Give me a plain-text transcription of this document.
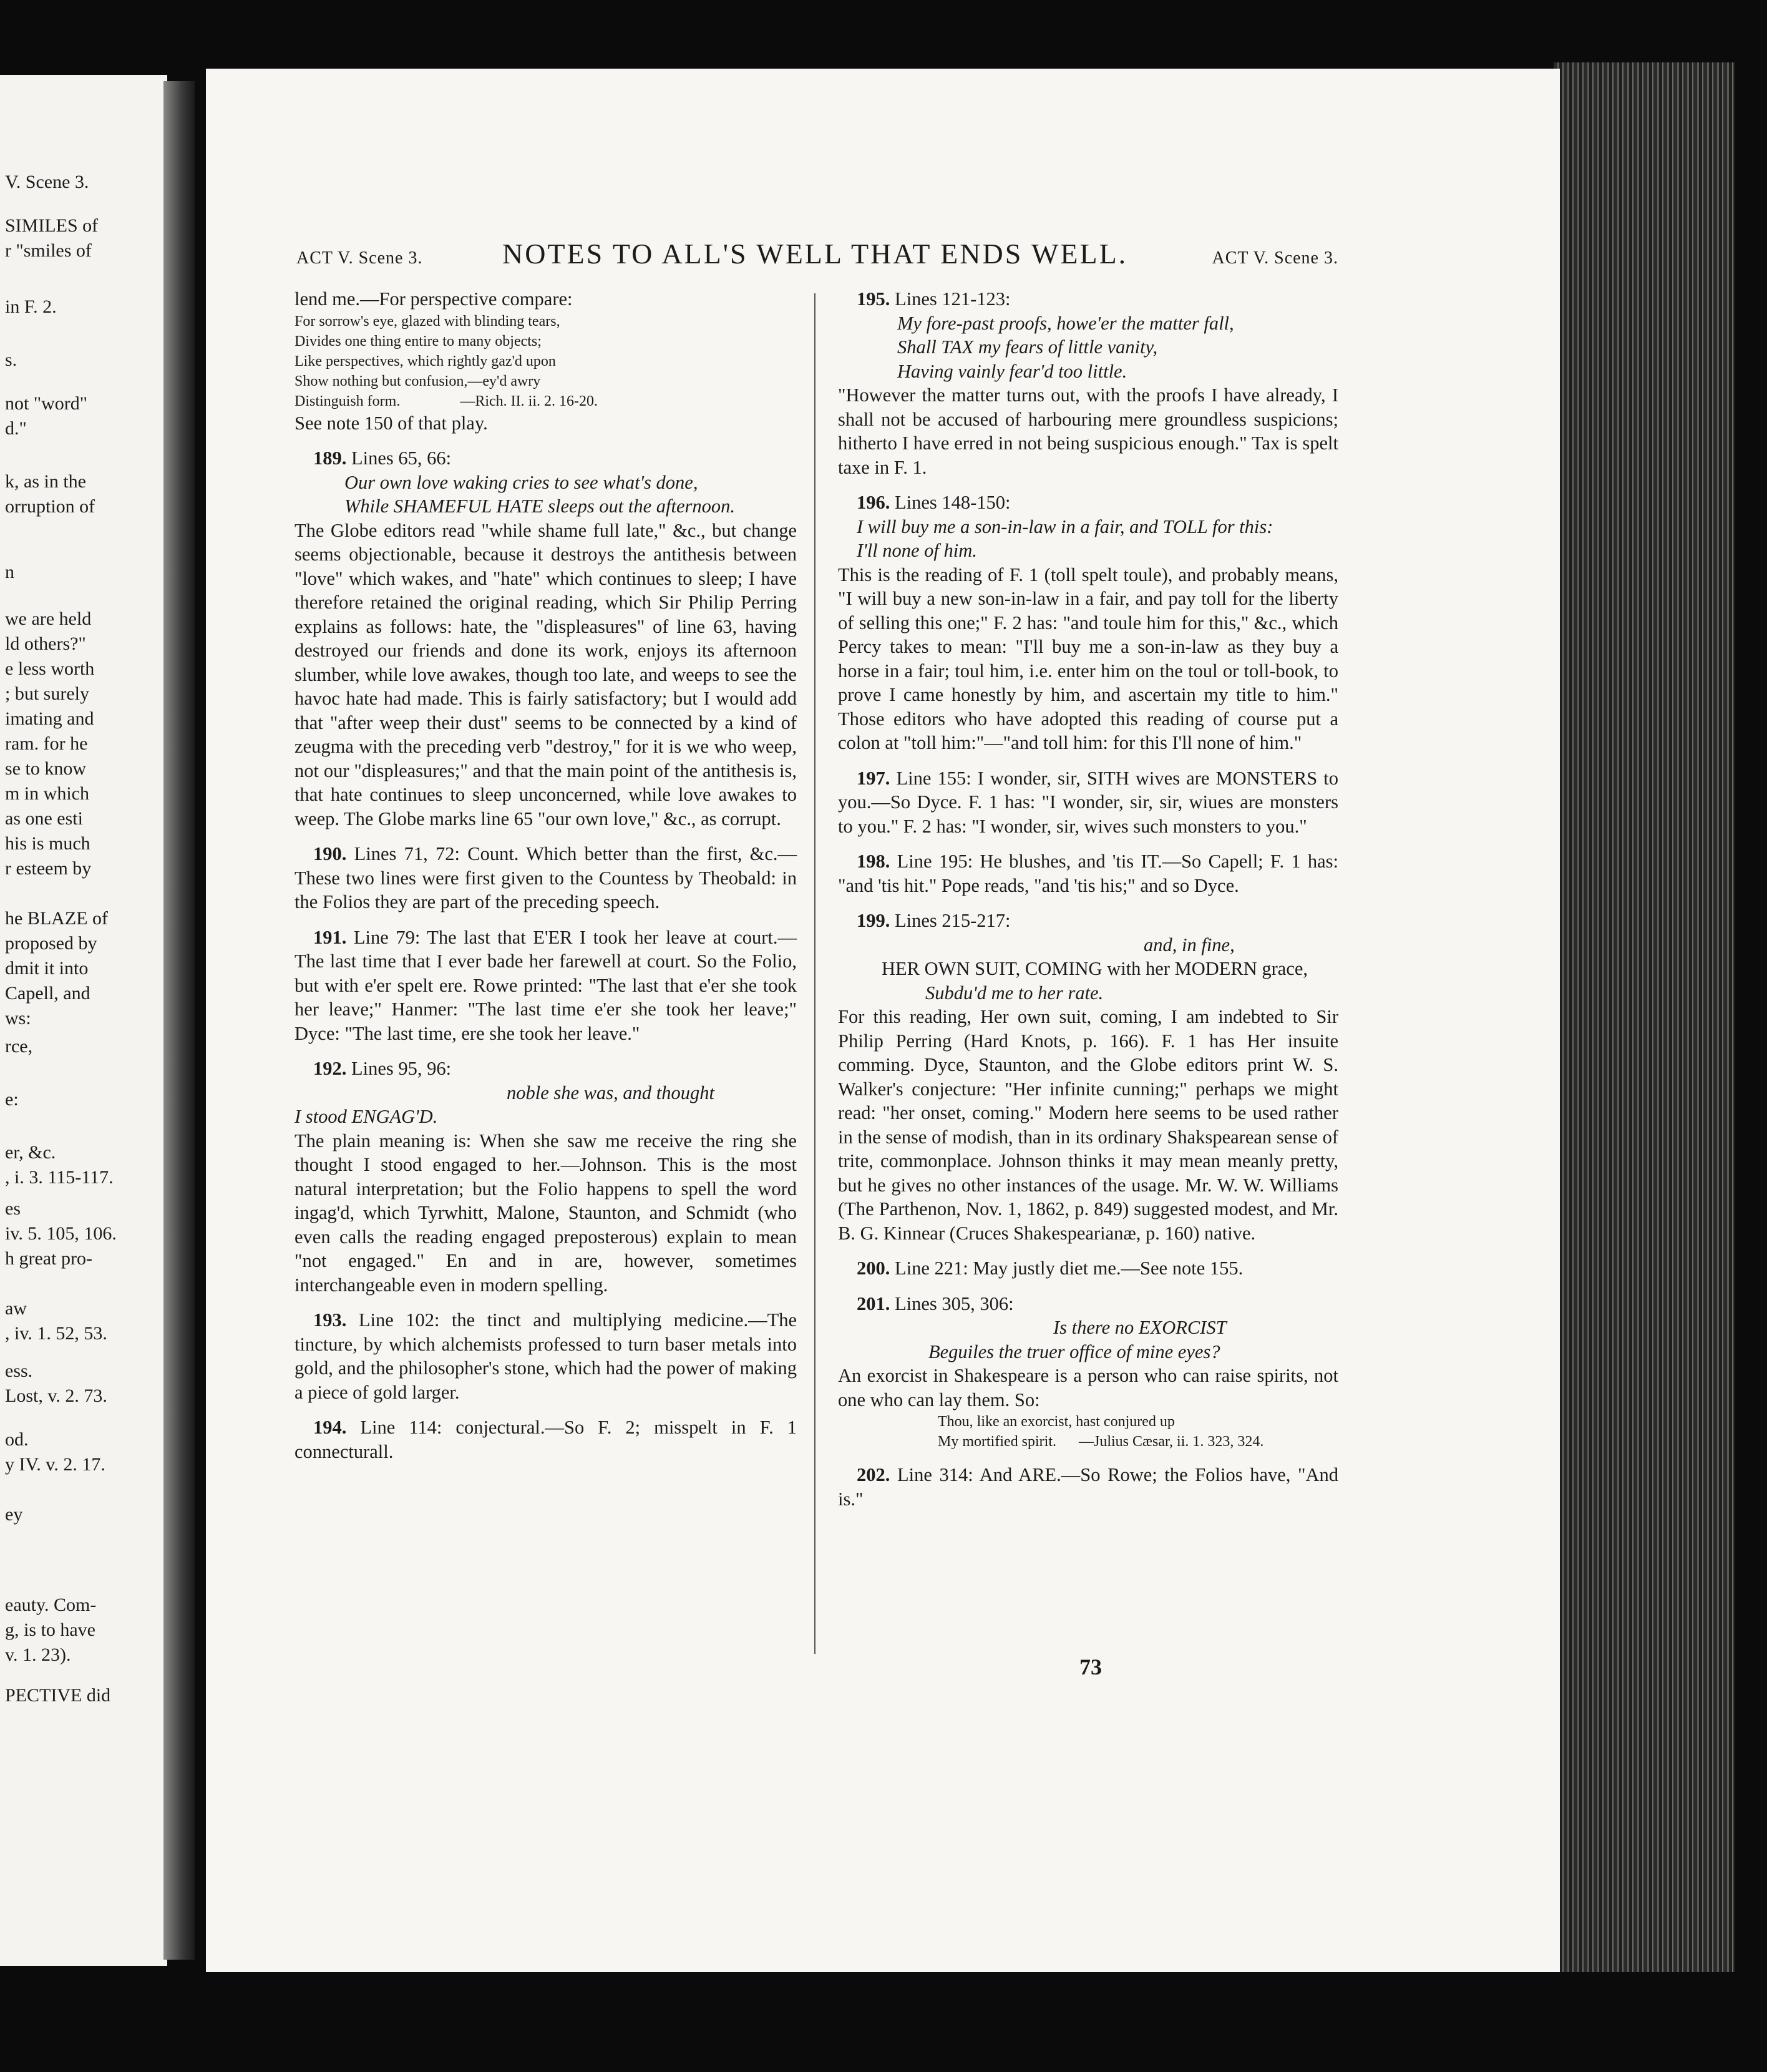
V. Scene 3.
SIMILES of
r "smiles of
in F. 2.
s.
not "word"
d."
k, as in the
orruption of
n
we are held
ld others?"
e less worth
; but surely
imating and
ram. for he
se to know
m in which
as one esti
his is much
r esteem by
he BLAZE of
proposed by
dmit it into
Capell, and
ws:
rce,
e:
er, &c.
, i. 3. 115-117.
es
iv. 5. 105, 106.
h great pro-
aw
, iv. 1. 52, 53.
ess.
Lost, v. 2. 73.
od.
y IV. v. 2. 17.
ey
eauty. Com-
g, is to have
v. 1. 23).
PECTIVE did
ACT V. Scene 3.	NOTES TO ALL'S WELL THAT ENDS WELL.	ACT V. Scene 3.

lend me.—For perspective compare:

For sorrow's eye, glazed with blinding tears,

Divides one thing entire to many objects;

Like perspectives, which rightly gaz'd upon

Show nothing but confusion,—ey'd awry

Distinguish form.                —Rich. II. ii. 2. 16-20.

See note 150 of that play.

189. Lines 65, 66:

Our own love waking cries to see what's done,

While SHAMEFUL HATE sleeps out the afternoon.

The Globe editors read "while shame full late," &c., but change seems objectionable, because it destroys the antithesis between "love" which wakes, and "hate" which continues to sleep; I have therefore retained the original reading, which Sir Philip Perring explains as follows: hate, the "displeasures" of line 63, having destroyed our friends and done its work, enjoys its afternoon slumber, while love awakes, though too late, and weeps to see the havoc hate had made. This is fairly satisfactory; but I would add that "after weep their dust" seems to be connected by a kind of zeugma with the preceding verb "destroy," for it is we who weep, not our "displeasures;" and that the main point of the antithesis is, that hate continues to sleep unconcerned, while love awakes to weep. The Globe marks line 65 "our own love," &c., as corrupt.

190. Lines 71, 72: Count. Which better than the first, &c.—These two lines were first given to the Countess by Theobald: in the Folios they are part of the preceding speech.

191. Line 79: The last that E'ER I took her leave at court.—The last time that I ever bade her farewell at court. So the Folio, but with e'er spelt ere. Rowe printed: "The last that e'er she took her leave;" Hanmer: "The last time e'er she took her leave;" Dyce: "The last time, ere she took her leave."

192. Lines 95, 96:

noble she was, and thought

I stood ENGAG'D.

The plain meaning is: When she saw me receive the ring she thought I stood engaged to her.—Johnson. This is the most natural interpretation; but the Folio happens to spell the word ingag'd, which Tyrwhitt, Malone, Staunton, and Schmidt (who even calls the reading engaged preposterous) explain to mean "not engaged." En and in are, however, sometimes interchangeable even in modern spelling.

193. Line 102: the tinct and multiplying medicine.—The tincture, by which alchemists professed to turn baser metals into gold, and the philosopher's stone, which had the power of making a piece of gold larger.

194. Line 114: conjectural.—So F. 2; misspelt in F. 1 connecturall.

195. Lines 121-123:

My fore-past proofs, howe'er the matter fall,

Shall TAX my fears of little vanity,

Having vainly fear'd too little.

"However the matter turns out, with the proofs I have already, I shall not be accused of harbouring mere groundless suspicions; hitherto I have erred in not being suspicious enough." Tax is spelt taxe in F. 1.

196. Lines 148-150:

I will buy me a son-in-law in a fair, and TOLL for this:

I'll none of him.

This is the reading of F. 1 (toll spelt toule), and probably means, "I will buy a new son-in-law in a fair, and pay toll for the liberty of selling this one;" F. 2 has: "and toule him for this," &c., which Percy takes to mean: "I'll buy me a son-in-law as they buy a horse in a fair; toul him, i.e. enter him on the toul or toll-book, to prove I came honestly by him, and ascertain my title to him." Those editors who have adopted this reading of course put a colon at "toll him:"—"and toll him: for this I'll none of him."

197. Line 155: I wonder, sir, SITH wives are MONSTERS to you.—So Dyce. F. 1 has: "I wonder, sir, sir, wiues are monsters to you." F. 2 has: "I wonder, sir, wives such monsters to you."

198. Line 195: He blushes, and 'tis IT.—So Capell; F. 1 has: "and 'tis hit." Pope reads, "and 'tis his;" and so Dyce.

199. Lines 215-217:

and, in fine,

HER OWN SUIT, COMING with her MODERN grace,

Subdu'd me to her rate.

For this reading, Her own suit, coming, I am indebted to Sir Philip Perring (Hard Knots, p. 166). F. 1 has Her insuite comming. Dyce, Staunton, and the Globe editors print W. S. Walker's conjecture: "Her infinite cunning;" perhaps we might read: "her onset, coming." Modern here seems to be used rather in the sense of modish, than in its ordinary Shakspearean sense of trite, commonplace. Johnson thinks it may mean meanly pretty, but he gives no other instances of the usage. Mr. W. W. Williams (The Parthenon, Nov. 1, 1862, p. 849) suggested modest, and Mr. B. G. Kinnear (Cruces Shakespearianæ, p. 160) native.

200. Line 221: May justly diet me.—See note 155.

201. Lines 305, 306:

Is there no EXORCIST

Beguiles the truer office of mine eyes?

An exorcist in Shakespeare is a person who can raise spirits, not one who can lay them. So:

Thou, like an exorcist, hast conjured up

My mortified spirit.      —Julius Cæsar, ii. 1. 323, 324.

202. Line 314: And ARE.—So Rowe; the Folios have, "And is."

73
